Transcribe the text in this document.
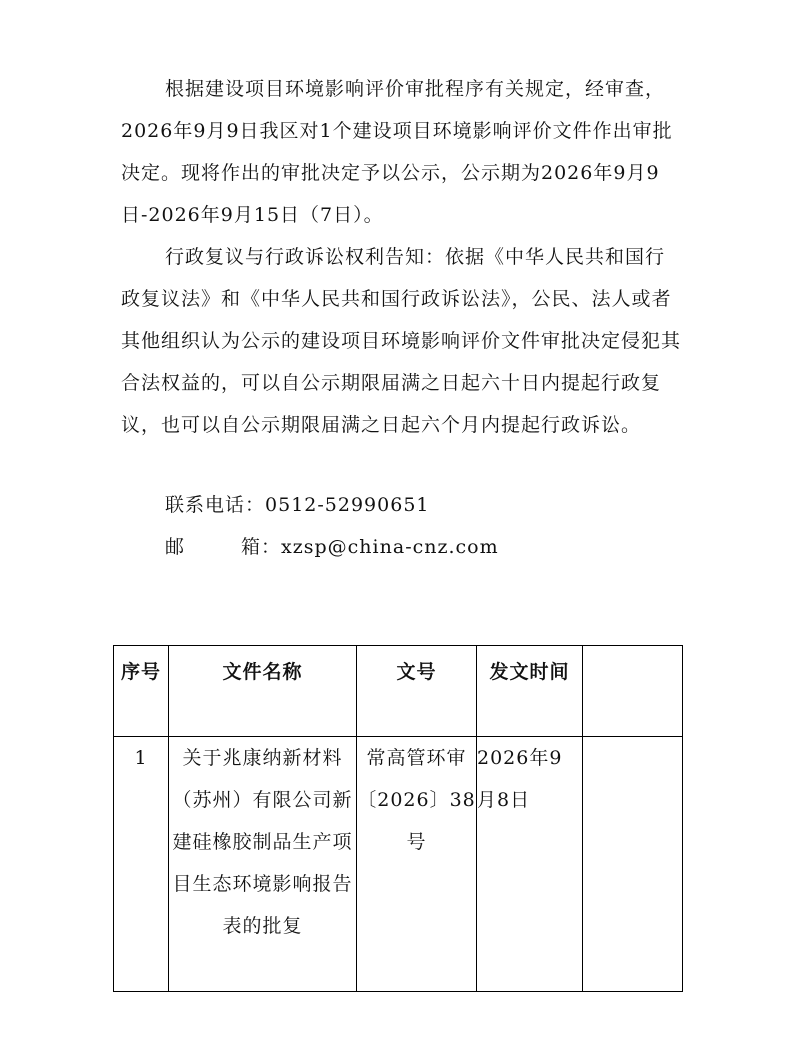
根据建设项目环境影响评价审批程序有关规定，经审查，2026年9月9日我区对1个建设项目环境影响评价文件作出审批决定。现将作出的审批决定予以公示，公示期为2026年9月9日-2026年9月15日（7日）。

行政复议与行政诉讼权利告知：依据《中华人民共和国行政复议法》和《中华人民共和国行政诉讼法》，公民、法人或者其他组织认为公示的建设项目环境影响评价文件审批决定侵犯其合法权益的，可以自公示期限届满之日起六十日内提起行政复议，也可以自公示期限届满之日起六个月内提起行政诉讼。

联系电话：0512-52990651

邮	箱：xzsp@china-cnz.com

序号	文件名称	文号	发文时间	
1	关于兆康纳新材料（苏州）有限公司新建硅橡胶制品生产项目生态环境影响报告表的批复	常高管环审〔2026〕38号	2026年9月8日	
